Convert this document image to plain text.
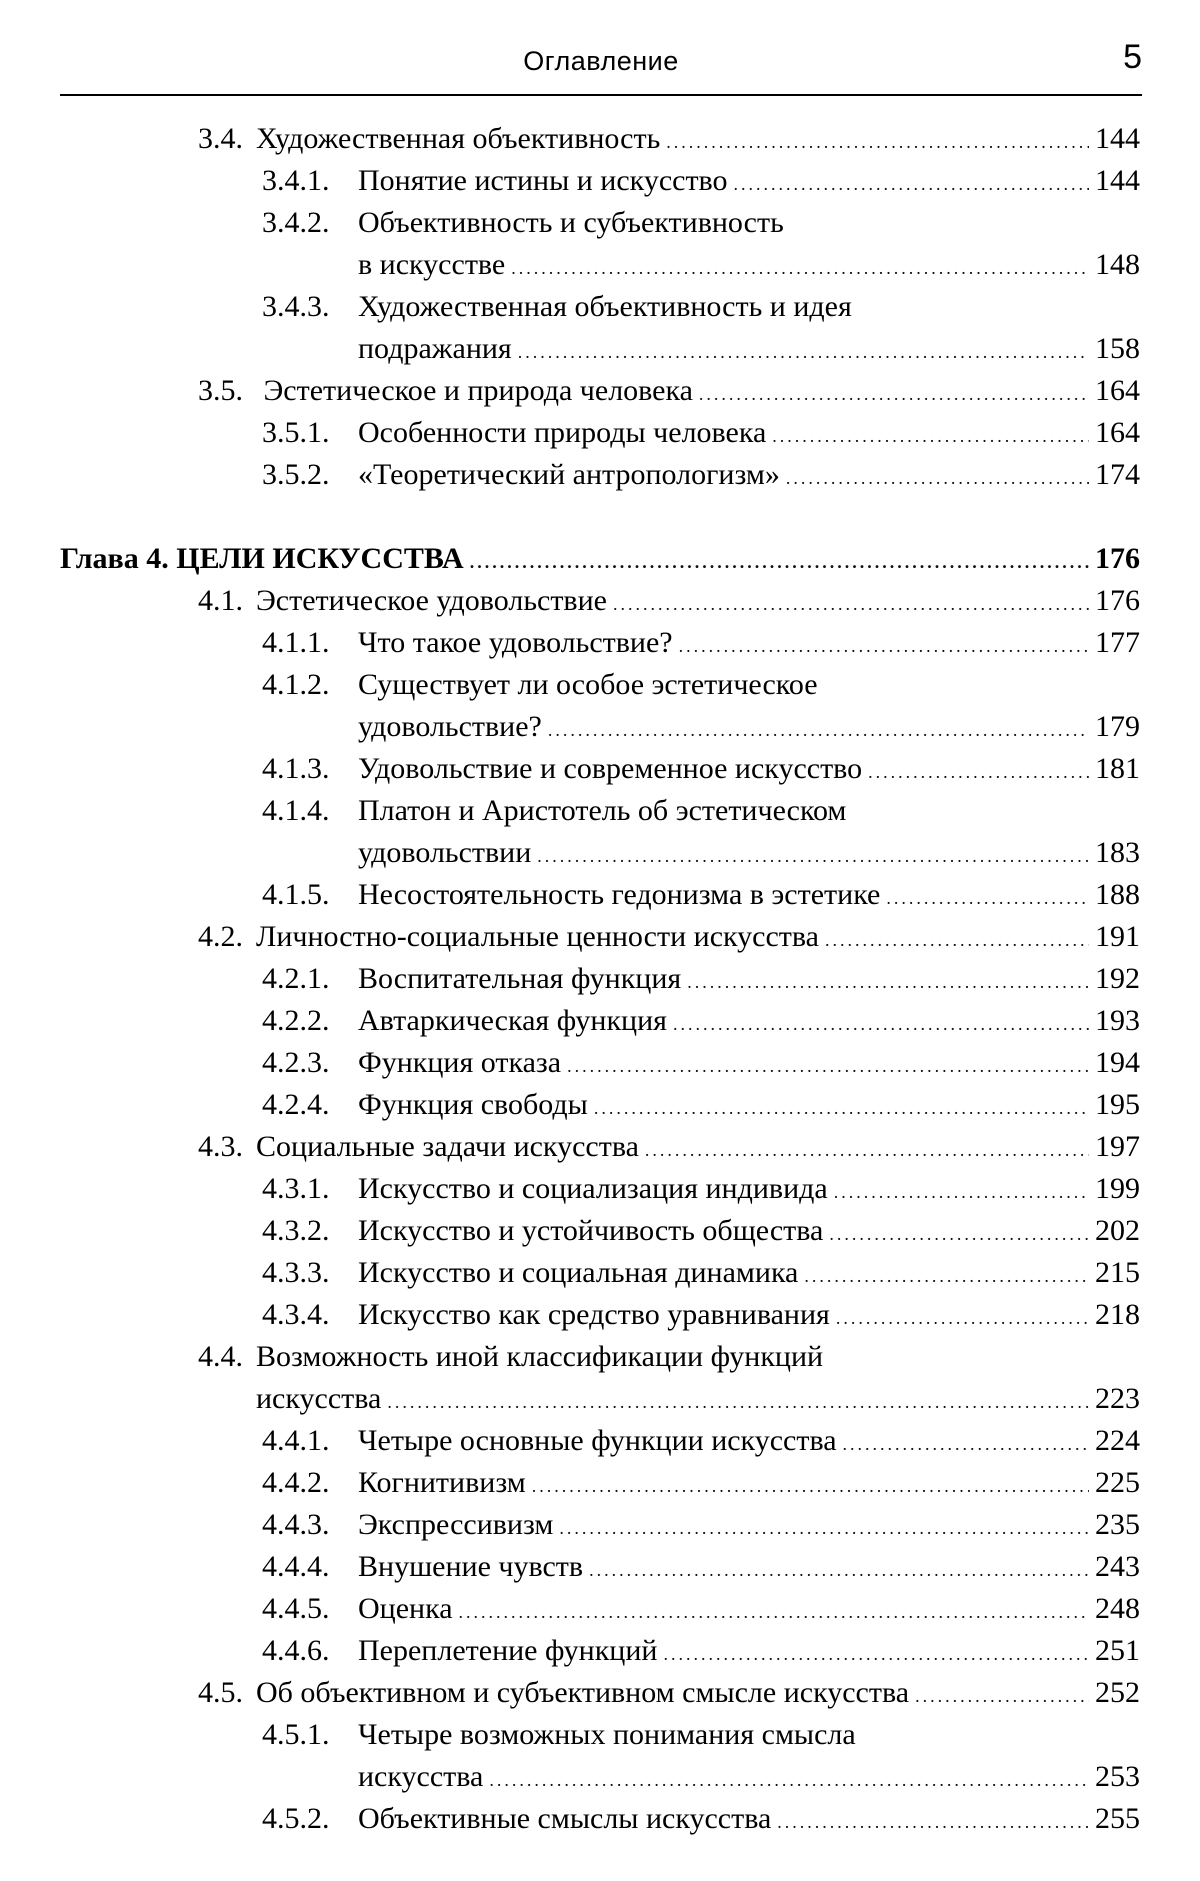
Оглавление	5
3.4. Художественная объективность .....	144
3.4.1. Понятие истины и искусство .....	144
3.4.2. Объективность и субъективность
в искусстве .....	148
3.4.3. Художественная объективность и идея
подражания .....	158
3.5. Эстетическое и природа человека .....	164
3.5.1. Особенности природы человека .....	164
3.5.2. «Теоретический антропологизм» .....	174
Глава 4. ЦЕЛИ ИСКУССТВА .....	176
4.1. Эстетическое удовольствие .....	176
4.1.1. Что такое удовольствие? .....	177
4.1.2. Существует ли особое эстетическое
удовольствие? .....	179
4.1.3. Удовольствие и современное искусство .....	181
4.1.4. Платон и Аристотель об эстетическом
удовольствии .....	183
4.1.5. Несостоятельность гедонизма в эстетике .....	188
4.2. Личностно-социальные ценности искусства .....	191
4.2.1. Воспитательная функция .....	192
4.2.2. Автаркическая функция .....	193
4.2.3. Функция отказа .....	194
4.2.4. Функция свободы .....	195
4.3. Социальные задачи искусства .....	197
4.3.1. Искусство и социализация индивида .....	199
4.3.2. Искусство и устойчивость общества .....	202
4.3.3. Искусство и социальная динамика .....	215
4.3.4. Искусство как средство уравнивания .....	218
4.4. Возможность иной классификации функций
искусства .....	223
4.4.1. Четыре основные функции искусства .....	224
4.4.2. Когнитивизм .....	225
4.4.3. Экспрессивизм .....	235
4.4.4. Внушение чувств .....	243
4.4.5. Оценка .....	248
4.4.6. Переплетение функций .....	251
4.5. Об объективном и субъективном смысле искусства .....	252
4.5.1. Четыре возможных понимания смысла
искусства .....	253
4.5.2. Объективные смыслы искусства .....	255
